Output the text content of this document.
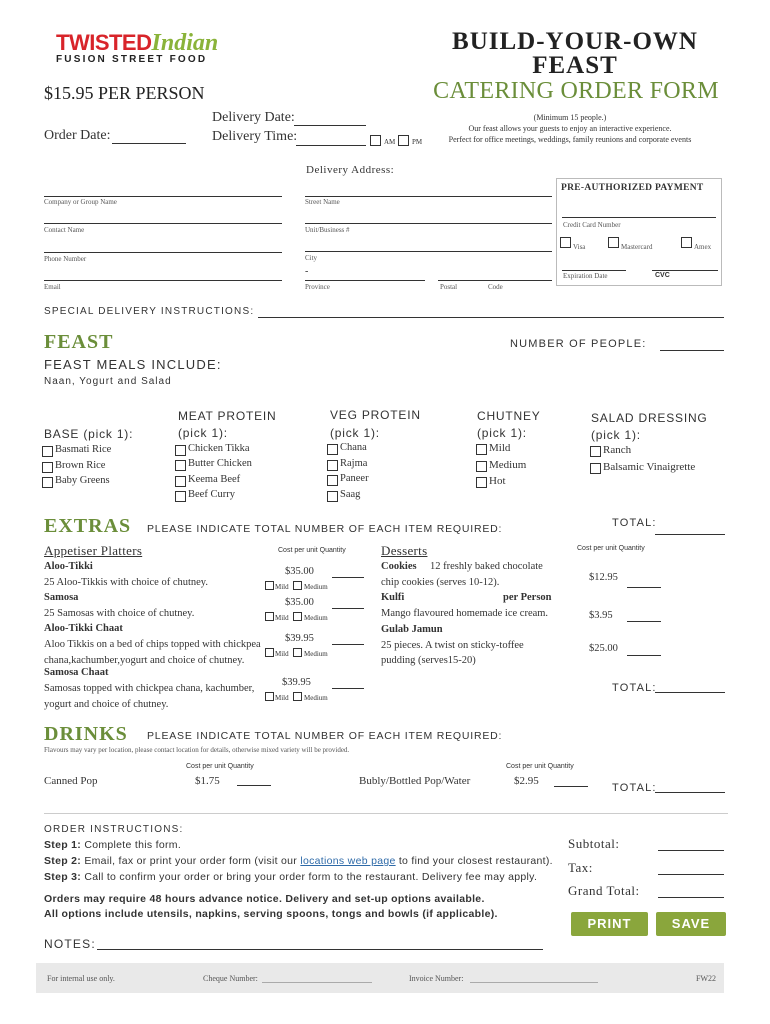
TWISTEDIndian
FUSION STREET FOOD
BUILD-YOUR-OWN
FEAST
CATERING ORDER FORM
$15.95 PER PERSON
(Minimum 15 people.)
Our feast allows your guests to enjoy an interactive experience.
Perfect for office meetings, weddings, family reunions and corporate events
Delivery Date:
Order Date:	Delivery Time:	AM PM
Delivery Address:
Company or Group Name	Street Name
Contact Name	Unit/Business #
Phone Number	City
-
Email	Province	Postal	Code
PRE-AUTHORIZED PAYMENT
Credit Card Number
Visa	Mastercard	Amex
Expiration Date	CVC
SPECIAL DELIVERY INSTRUCTIONS:
FEAST	NUMBER OF PEOPLE:
FEAST MEALS INCLUDE:
Naan, Yogurt and Salad
BASE (pick 1):
MEAT PROTEIN
(pick 1):
VEG PROTEIN
(pick 1):
CHUTNEY
(pick 1):
SALAD DRESSING
(pick 1):
EXTRAS PLEASE INDICATE TOTAL NUMBER OF EACH ITEM REQUIRED:	TOTAL:
Appetiser Platters	Cost per unit Quantity	Desserts	Cost per unit Quantity
Cookies 12 freshly baked chocolate
chip cookies (serves 10-12).	$12.95
Kulfi	per Person
Mango flavoured homemade ice cream.	$3.95
Gulab Jamun
25 pieces. A twist on sticky-toffee
pudding (serves15-20)
$25.00
TOTAL:
DRINKS PLEASE INDICATE TOTAL NUMBER OF EACH ITEM REQUIRED:
Flavours may vary per location, please contact location for details, otherwise mixed variety will be provided.
Cost per unit Quantity	Cost per unit Quantity
Canned Pop	$1.75	Bubly/Bottled Pop/Water	$2.95
TOTAL:
ORDER INSTRUCTIONS:
Step 1: Complete this form.
Step 2: Email, fax or print your order form (visit our locations web page to find your closest restaurant).
Step 3: Call to confirm your order or bring your order form to the restaurant. Delivery fee may apply.
Orders may require 48 hours advance notice. Delivery and set-up options available.
All options include utensils, napkins, serving spoons, tongs and bowls (if applicable).
Subtotal:
Tax:
Grand Total:
PRINT	SAVE
NOTES:
For internal use only.	Cheque Number:	Invoice Number:	FW22
Basmati Rice
Brown Rice
Baby Greens
Chicken Tikka
Butter Chicken
Keema Beef
Beef Curry
Chana
Rajma
Paneer
Saag
Mild
Medium
Hot
Ranch
Balsamic Vinaigrette
Aloo-Tikki
25 Aloo-Tikkis with choice of chutney.
$35.00
Mild Medium
Samosa
25 Samosas with choice of chutney.
$35.00
Mild Medium
Aloo-Tikki Chaat
Aloo Tikkis on a bed of chips topped with chickpea
chana,kachumber,yogurt and choice of chutney.
$39.95
Mild Medium
Samosa Chaat
Samosas topped with chickpea chana, kachumber,
yogurt and choice of chutney.
$39.95
Mild Medium
